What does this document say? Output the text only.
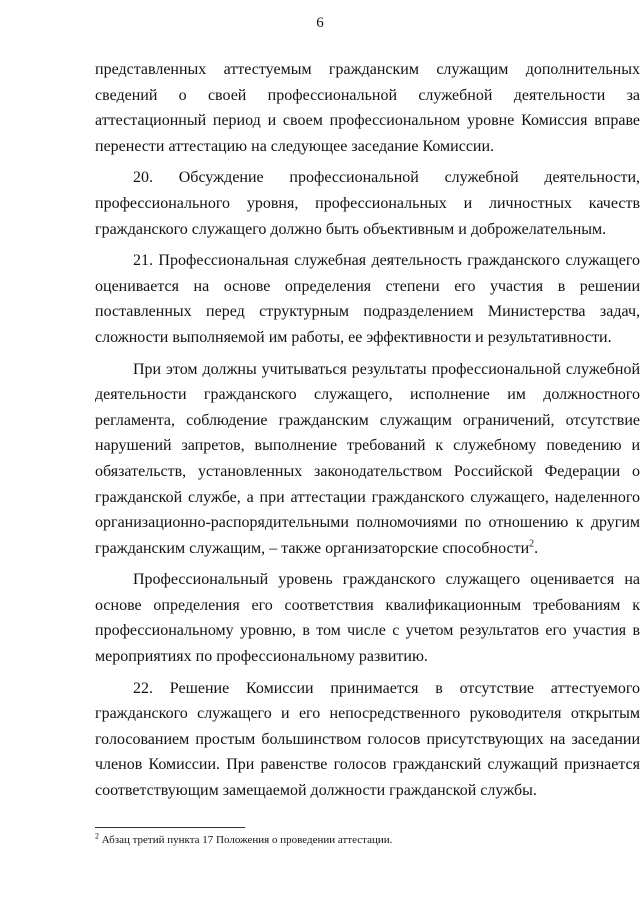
6

представленных аттестуемым гражданским служащим дополнительных сведений о своей профессиональной служебной деятельности за аттестационный период и своем профессиональном уровне Комиссия вправе перенести аттестацию на следующее заседание Комиссии.

20. Обсуждение профессиональной служебной деятельности, профессионального уровня, профессиональных и личностных качеств гражданского служащего должно быть объективным и доброжелательным.

21. Профессиональная служебная деятельность гражданского служащего оценивается на основе определения степени его участия в решении поставленных перед структурным подразделением Министерства задач, сложности выполняемой им работы, ее эффективности и результативности.

При этом должны учитываться результаты профессиональной служебной деятельности гражданского служащего, исполнение им должностного регламента, соблюдение гражданским служащим ограничений, отсутствие нарушений запретов, выполнение требований к служебному поведению и обязательств, установленных законодательством Российской Федерации о гражданской службе, а при аттестации гражданского служащего, наделенного организационно-распорядительными полномочиями по отношению к другим гражданским служащим, – также организаторские способности$^2$.

Профессиональный уровень гражданского служащего оценивается на основе определения его соответствия квалификационным требованиям к профессиональному уровню, в том числе с учетом результатов его участия в мероприятиях по профессиональному развитию.

22. Решение Комиссии принимается в отсутствие аттестуемого гражданского служащего и его непосредственного руководителя открытым голосованием простым большинством голосов присутствующих на заседании членов Комиссии. При равенстве голосов гражданский служащий признается соответствующим замещаемой должности гражданской службы.

$^2$ Абзац третий пункта 17 Положения о проведении аттестации.
